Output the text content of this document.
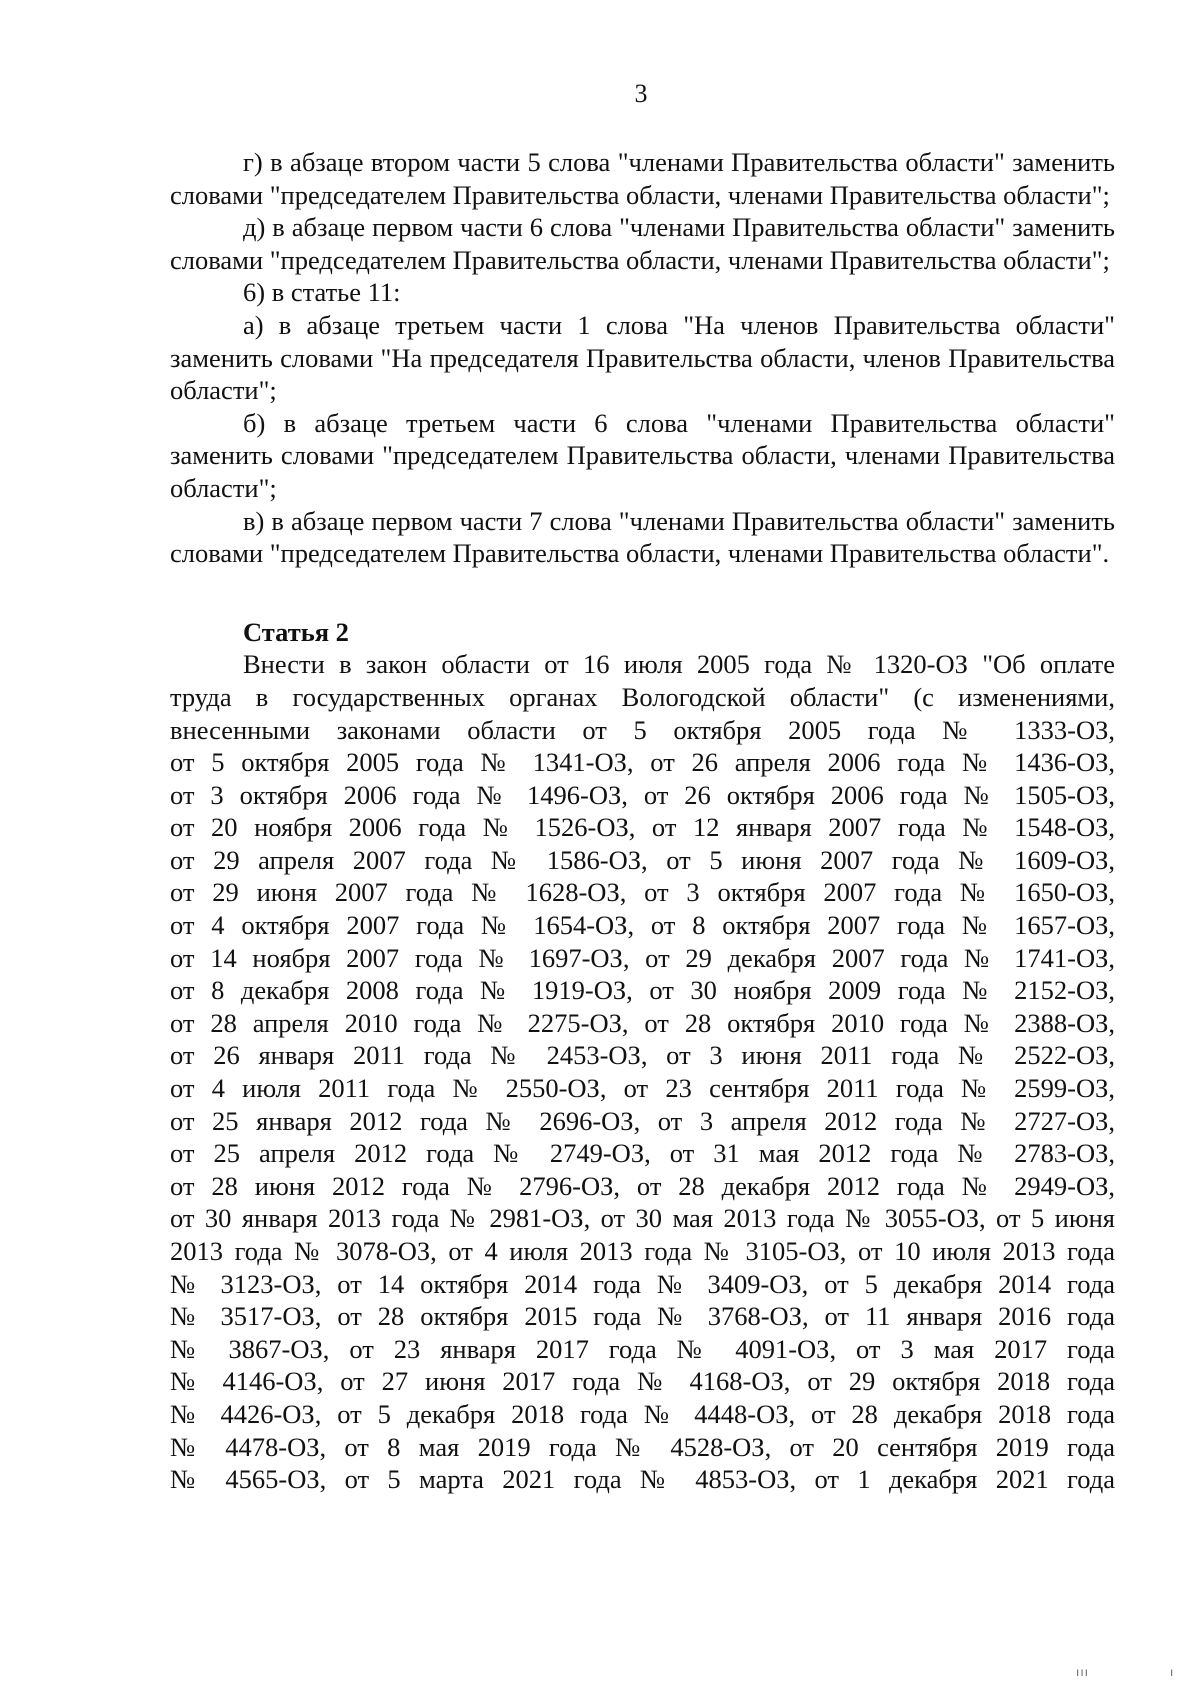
3

г) в абзаце втором части 5 слова "членами Правительства области" заменить словами "председателем Правительства области, членами Правительства области";

д) в абзаце первом части 6 слова "членами Правительства области" заменить словами "председателем Правительства области, членами Правительства области";

6) в статье 11:

а) в абзаце третьем части 1 слова "На членов Правительства области" заменить словами "На председателя Правительства области, членов Правительства области";

б) в абзаце третьем части 6 слова "членами Правительства области" заменить словами "председателем Правительства области, членами Правительства области";

в) в абзаце первом части 7 слова "членами Правительства области" заменить словами "председателем Правительства области, членами Правительства области".

Статья 2

Внести в закон области от 16 июля 2005 года № 1320-ОЗ "Об оплате
труда в государственных органах Вологодской области" (с изменениями,
внесенными законами области от 5 октября 2005 года № 1333-ОЗ,
от 5 октября 2005 года № 1341-ОЗ, от 26 апреля 2006 года № 1436-ОЗ,
от 3 октября 2006 года № 1496-ОЗ, от 26 октября 2006 года № 1505-ОЗ,
от 20 ноября 2006 года № 1526-ОЗ, от 12 января 2007 года № 1548-ОЗ,
от 29 апреля 2007 года № 1586-ОЗ, от 5 июня 2007 года № 1609-ОЗ,
от 29 июня 2007 года № 1628-ОЗ, от 3 октября 2007 года № 1650-ОЗ,
от 4 октября 2007 года № 1654-ОЗ, от 8 октября 2007 года № 1657-ОЗ,
от 14 ноября 2007 года № 1697-ОЗ, от 29 декабря 2007 года № 1741-ОЗ,
от 8 декабря 2008 года № 1919-ОЗ, от 30 ноября 2009 года № 2152-ОЗ,
от 28 апреля 2010 года № 2275-ОЗ, от 28 октября 2010 года № 2388-ОЗ,
от 26 января 2011 года № 2453-ОЗ, от 3 июня 2011 года № 2522-ОЗ,
от 4 июля 2011 года № 2550-ОЗ, от 23 сентября 2011 года № 2599-ОЗ,
от 25 января 2012 года № 2696-ОЗ, от 3 апреля 2012 года № 2727-ОЗ,
от 25 апреля 2012 года № 2749-ОЗ, от 31 мая 2012 года № 2783-ОЗ,
от 28 июня 2012 года № 2796-ОЗ, от 28 декабря 2012 года № 2949-ОЗ,
от 30 января 2013 года № 2981-ОЗ, от 30 мая 2013 года № 3055-ОЗ, от 5 июня
2013 года № 3078-ОЗ, от 4 июля 2013 года № 3105-ОЗ, от 10 июля 2013 года
№ 3123-ОЗ, от 14 октября 2014 года № 3409-ОЗ, от 5 декабря 2014 года
№ 3517-ОЗ, от 28 октября 2015 года № 3768-ОЗ, от 11 января 2016 года
№ 3867-ОЗ, от 23 января 2017 года № 4091-ОЗ, от 3 мая 2017 года
№ 4146-ОЗ, от 27 июня 2017 года № 4168-ОЗ, от 29 октября 2018 года
№ 4426-ОЗ, от 5 декабря 2018 года № 4448-ОЗ, от 28 декабря 2018 года
№ 4478-ОЗ, от 8 мая 2019 года № 4528-ОЗ, от 20 сентября 2019 года
№ 4565-ОЗ, от 5 марта 2021 года № 4853-ОЗ, от 1 декабря 2021 года
ııı	ı
